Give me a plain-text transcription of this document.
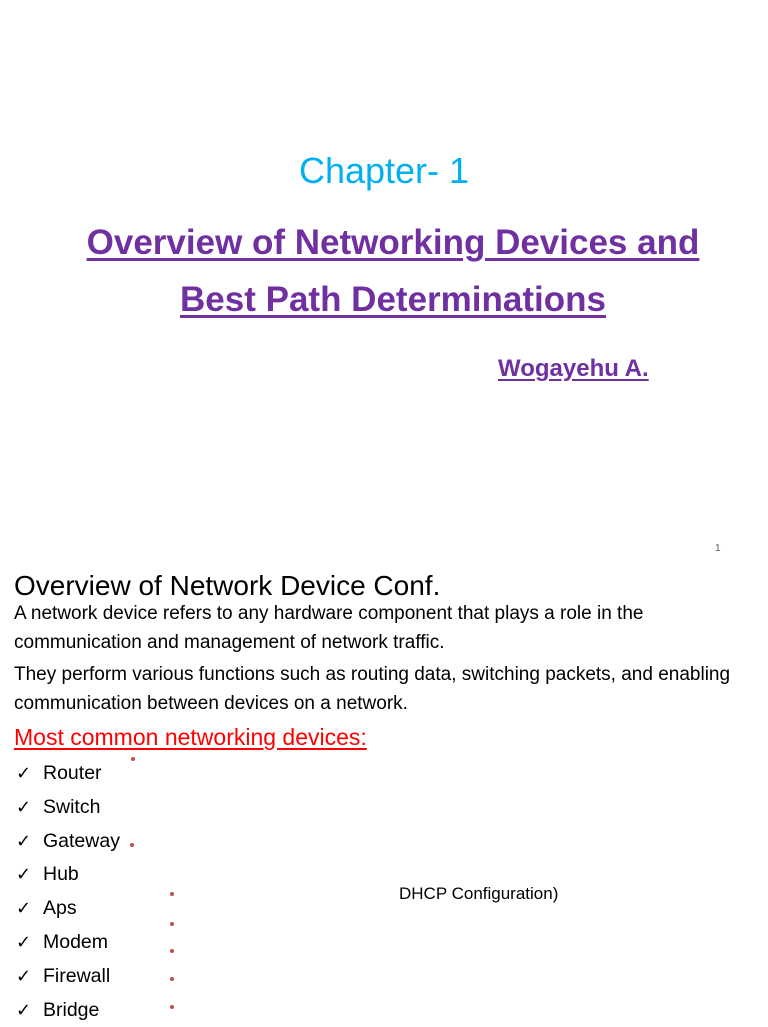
Chapter- 1
Overview of Networking Devices and
Best Path Determinations
Wogayehu A.
1
Overview of Network Device Conf.
A network device refers to any hardware component that plays a role in the communication and management of network traffic.
They perform various functions such as routing data, switching packets, and enabling communication between devices on a network.
Most common networking devices:
✓ Router
✓ Switch
✓ Gateway
✓ Hub
✓ Aps
✓ Modem
✓ Firewall
✓ Bridge
DHCP Configuration)
